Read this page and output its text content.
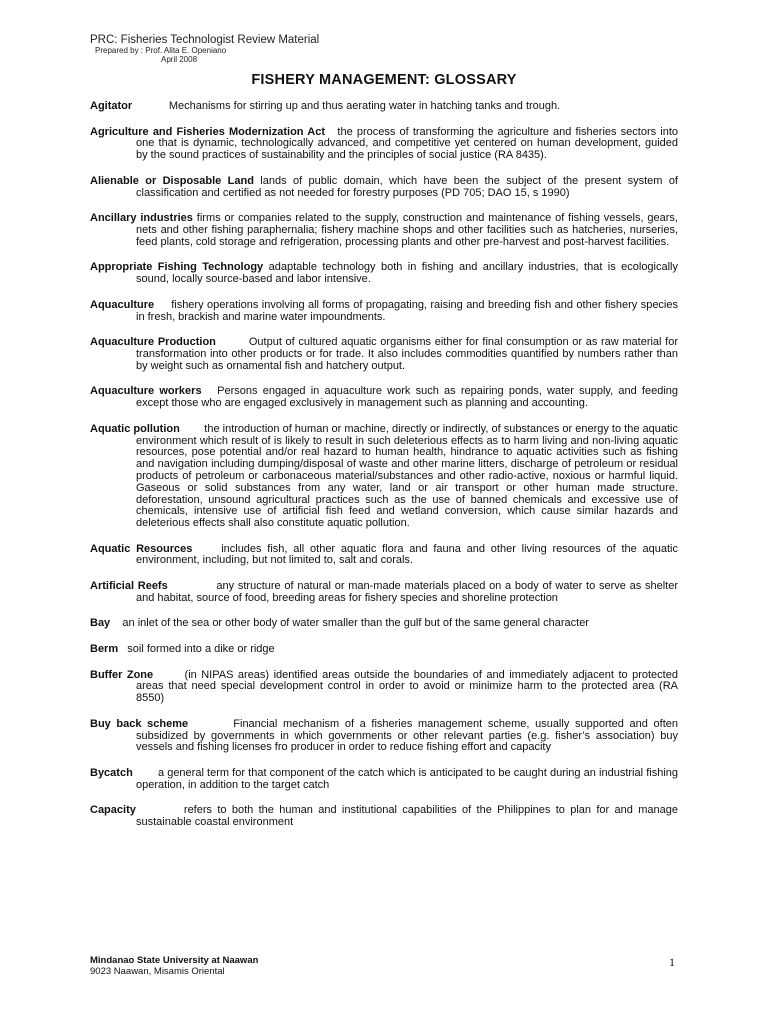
PRC: Fisheries Technologist Review Material
Prepared by : Prof. Alita E. Openiano
April 2008
FISHERY MANAGEMENT: GLOSSARY

Agitator	Mechanisms for stirring up and thus aerating water in hatching tanks and trough.

Agriculture and Fisheries Modernization Act the process of transforming the agriculture and fisheries sectors into one that is dynamic, technologically advanced, and competitive yet centered on human development, guided by the sound practices of sustainability and the principles of social justice (RA 8435).

Alienable or Disposable Land lands of public domain, which have been the subject of the present system of classification and certified as not needed for forestry purposes (PD 705; DAO 15, s 1990)

Ancillary industries firms or companies related to the supply, construction and maintenance of fishing vessels, gears, nets and other fishing paraphernalia; fishery machine shops and other facilities such as hatcheries, nurseries, feed plants, cold storage and refrigeration, processing plants and other pre-harvest and post-harvest facilities.

Appropriate Fishing Technology adaptable technology both in fishing and ancillary industries, that is ecologically sound, locally source-based and labor intensive.

Aquaculture fishery operations involving all forms of propagating, raising and breeding fish and other fishery species in fresh, brackish and marine water impoundments.

Aquaculture Production	Output of cultured aquatic organisms either for final consumption or as raw material for transformation into other products or for trade. It also includes commodities quantified by numbers rather than by weight such as ornamental fish and hatchery output.

Aquaculture workers Persons engaged in aquaculture work such as repairing ponds, water supply, and feeding except those who are engaged exclusively in management such as planning and accounting.

Aquatic pollution the introduction of human or machine, directly or indirectly, of substances or energy to the aquatic environment which result of is likely to result in such deleterious effects as to harm living and non-living aquatic resources, pose potential and/or real hazard to human health, hindrance to aquatic activities such as fishing and navigation including dumping/disposal of waste and other marine litters, discharge of petroleum or residual products of petroleum or carbonaceous material/substances and other radio-active, noxious or harmful liquid. Gaseous or solid substances from any water, land or air transport or other human made structure. deforestation, unsound agricultural practices such as the use of banned chemicals and excessive use of chemicals, intensive use of artificial fish feed and wetland conversion, which cause similar hazards and deleterious effects shall also constitute aquatic pollution.

Aquatic Resources	includes fish, all other aquatic flora and fauna and other living resources of the aquatic environment, including, but not limited to, salt and corals.

Artificial Reefs	any structure of natural or man-made materials placed on a body of water to serve as shelter and habitat, source of food, breeding areas for fishery species and shoreline protection

Bay an inlet of the sea or other body of water smaller than the gulf but of the same general character

Berm soil formed into a dike or ridge

Buffer Zone	(in NIPAS areas) identified areas outside the boundaries of and immediately adjacent to protected areas that need special development control in order to avoid or minimize harm to the protected area (RA 8550)

Buy back scheme	Financial mechanism of a fisheries management scheme, usually supported and often subsidized by governments in which governments or other relevant parties (e.g. fisher’s association) buy vessels and fishing licenses fro producer in order to reduce fishing effort and capacity

Bycatch a general term for that component of the catch which is anticipated to be caught during an industrial fishing operation, in addition to the target catch

Capacity	refers to both the human and institutional capabilities of the Philippines to plan for and manage sustainable coastal environment

Mindanao State University at Naawan
9023 Naawan, Misamis Oriental
1
